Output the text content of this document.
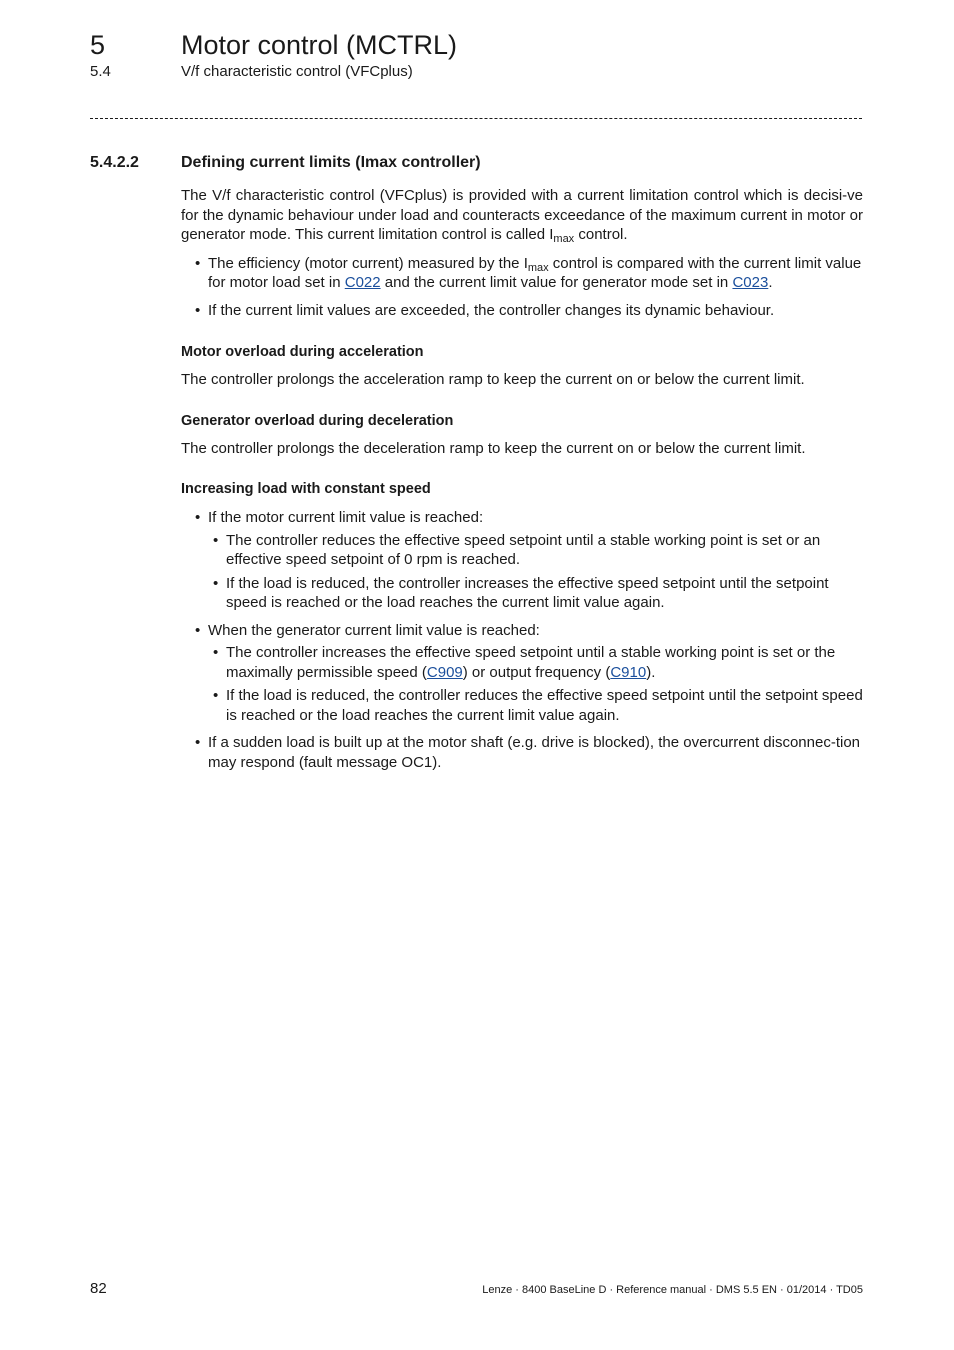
5	Motor control (MCTRL)
5.4	V/f characteristic control (VFCplus)
5.4.2.2	Defining current limits (Imax controller)

The V/f characteristic control (VFCplus) is provided with a current limitation control which is decisi-ve for the dynamic behaviour under load and counteracts exceedance of the maximum current in motor or generator mode. This current limitation control is called $I_{max}$ control.

• The efficiency (motor current) measured by the $I_{max}$ control is compared with the current limit value for motor load set in C022 and the current limit value for generator mode set in C023.
• If the current limit values are exceeded, the controller changes its dynamic behaviour.
Motor overload during acceleration

The controller prolongs the acceleration ramp to keep the current on or below the current limit.

Generator overload during deceleration

The controller prolongs the deceleration ramp to keep the current on or below the current limit.

Increasing load with constant speed
• If the motor current limit value is reached:
• The controller reduces the effective speed setpoint until a stable working point is set or an effective speed setpoint of 0 rpm is reached.
• If the load is reduced, the controller increases the effective speed setpoint until the setpoint speed is reached or the load reaches the current limit value again.
• When the generator current limit value is reached:
• The controller increases the effective speed setpoint until a stable working point is set or the maximally permissible speed (C909) or output frequency (C910).
• If the load is reduced, the controller reduces the effective speed setpoint until the setpoint speed is reached or the load reaches the current limit value again.
• If a sudden load is built up at the motor shaft (e.g. drive is blocked), the overcurrent disconnec-tion may respond (fault message OC1).
82	Lenze · 8400 BaseLine D · Reference manual · DMS 5.5 EN · 01/2014 · TD05
